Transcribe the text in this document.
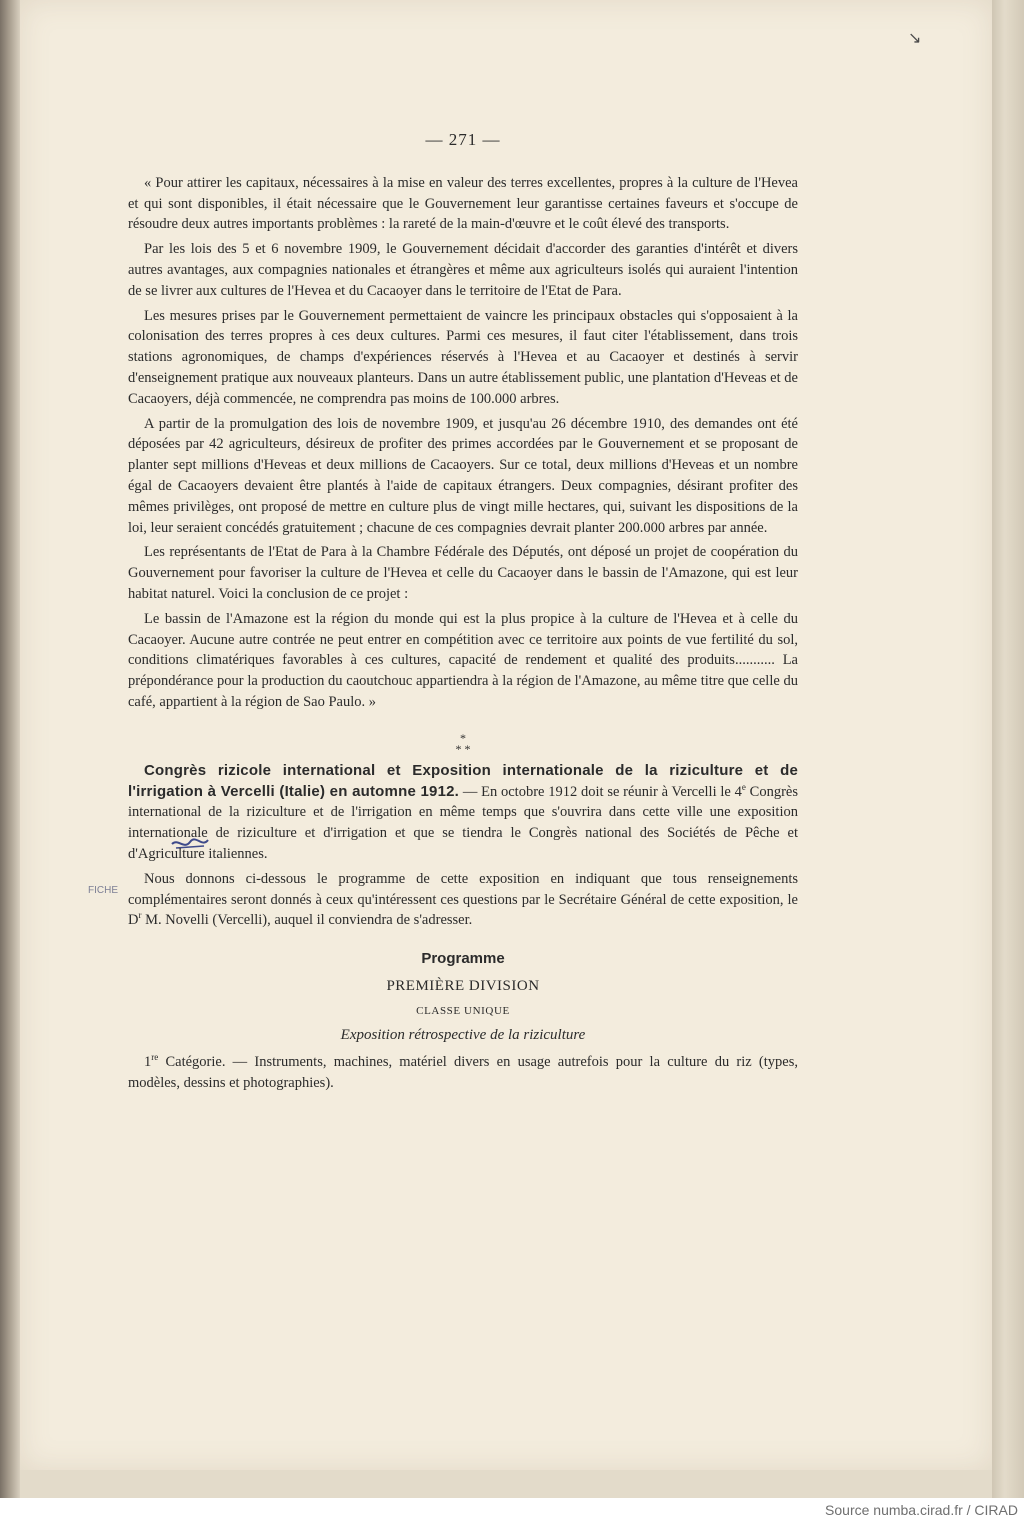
↘
FICHE
— 271 —

« Pour attirer les capitaux, nécessaires à la mise en valeur des terres excellentes, propres à la culture de l'Hevea et qui sont disponibles, il était nécessaire que le Gouvernement leur garantisse certaines faveurs et s'occupe de résoudre deux autres importants problèmes : la rareté de la main-d'œuvre et le coût élevé des transports.

Par les lois des 5 et 6 novembre 1909, le Gouvernement décidait d'accorder des garanties d'intérêt et divers autres avantages, aux compagnies nationales et étrangères et même aux agriculteurs isolés qui auraient l'intention de se livrer aux cultures de l'Hevea et du Cacaoyer dans le territoire de l'Etat de Para.

Les mesures prises par le Gouvernement permettaient de vaincre les principaux obstacles qui s'opposaient à la colonisation des terres propres à ces deux cultures. Parmi ces mesures, il faut citer l'établissement, dans trois stations agronomiques, de champs d'expériences réservés à l'Hevea et au Cacaoyer et destinés à servir d'enseignement pratique aux nouveaux planteurs. Dans un autre établissement public, une plantation d'Heveas et de Cacaoyers, déjà commencée, ne comprendra pas moins de 100.000 arbres.

A partir de la promulgation des lois de novembre 1909, et jusqu'au 26 décembre 1910, des demandes ont été déposées par 42 agriculteurs, désireux de profiter des primes accordées par le Gouvernement et se proposant de planter sept millions d'Heveas et deux millions de Cacaoyers. Sur ce total, deux millions d'Heveas et un nombre égal de Cacaoyers devaient être plantés à l'aide de capitaux étrangers. Deux compagnies, désirant profiter des mêmes privilèges, ont proposé de mettre en culture plus de vingt mille hectares, qui, suivant les dispositions de la loi, leur seraient concédés gratuitement ; chacune de ces compagnies devrait planter 200.000 arbres par année.

Les représentants de l'Etat de Para à la Chambre Fédérale des Députés, ont déposé un projet de coopération du Gouvernement pour favoriser la culture de l'Hevea et celle du Cacaoyer dans le bassin de l'Amazone, qui est leur habitat naturel. Voici la conclusion de ce projet :

Le bassin de l'Amazone est la région du monde qui est la plus propice à la culture de l'Hevea et à celle du Cacaoyer. Aucune autre contrée ne peut entrer en compétition avec ce territoire aux points de vue fertilité du sol, conditions climatériques favorables à ces cultures, capacité de rendement et qualité des produits........... La prépondérance pour la production du caoutchouc appartiendra à la région de l'Amazone, au même titre que celle du café, appartient à la région de Sao Paulo. »

*
* *

Congrès rizicole international et Exposition internationale de la riziculture et de l'irrigation à Vercelli (Italie) en automne 1912. — En octobre 1912 doit se réunir à Vercelli le 4e Congrès international de la riziculture et de l'irrigation en même temps que s'ouvrira dans cette ville une exposition internationale de riziculture et d'irrigation et que se tiendra le Congrès national des Sociétés de Pêche et d'Agriculture italiennes.

Nous donnons ci-dessous le programme de cette exposition en indiquant que tous renseignements complémentaires seront donnés à ceux qu'intéressent ces questions par le Secrétaire Général de cette exposition, le $D^r$ M. Novelli (Vercelli), auquel il conviendra de s'adresser.

Programme
PREMIÈRE DIVISION
CLASSE UNIQUE
Exposition rétrospective de la riziculture

1re Catégorie. — Instruments, machines, matériel divers en usage autrefois pour la culture du riz (types, modèles, dessins et photographies).

Source numba.cirad.fr / CIRAD
